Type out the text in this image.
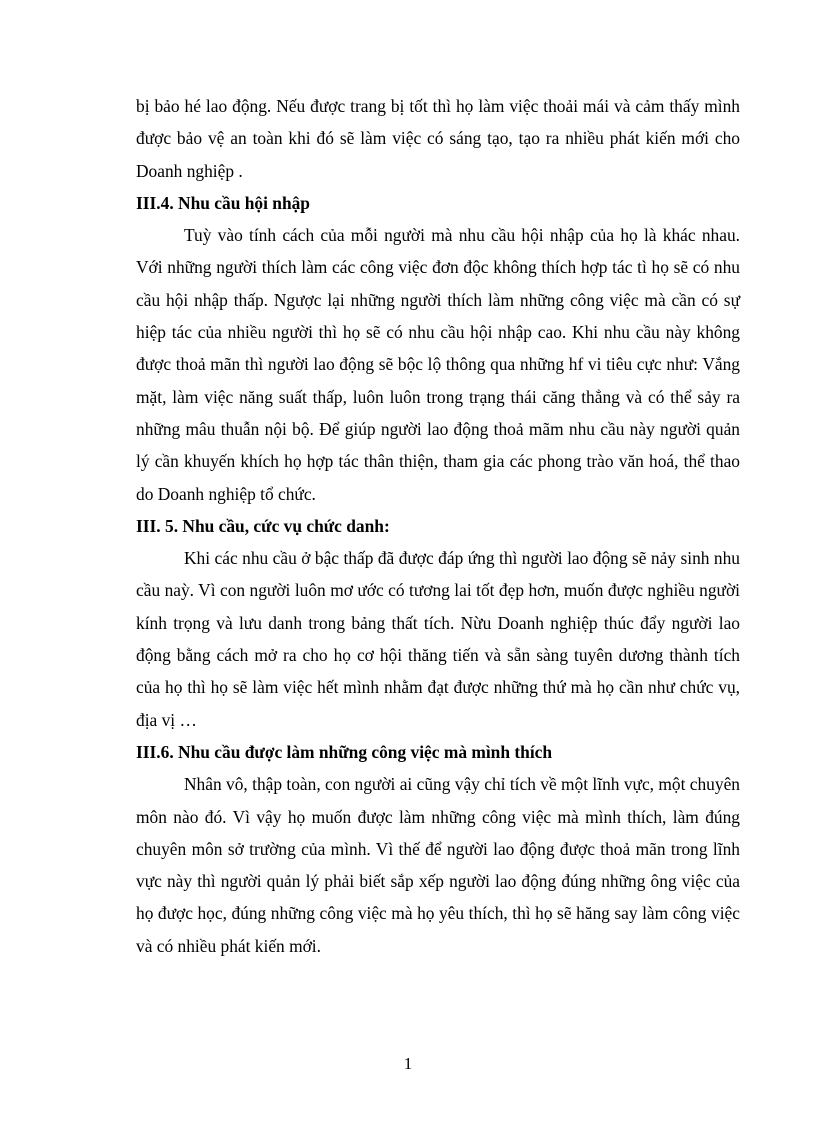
bị bảo hé lao động. Nếu được trang bị tốt thì họ làm việc thoải mái và cảm thấy mình được bảo vệ an toàn khi đó sẽ làm việc có sáng tạo, tạo ra nhiều phát kiến mới cho Doanh nghiệp .

III.4. Nhu cầu hội nhập

Tuỳ vào tính cách của mỗi người mà nhu cầu hội nhập của họ là khác nhau. Với những người thích làm các công việc đơn độc không thích hợp tác tì họ sẽ có nhu cầu hội nhập thấp. Ngược lại những người thích làm những công việc mà cần có sự hiệp tác của nhiều người thì họ sẽ có nhu cầu hội nhập cao. Khi nhu cầu này không được thoả mãn thì người lao động sẽ bộc lộ thông qua những hf vi tiêu cực như: Vắng mặt, làm việc năng suất thấp, luôn luôn trong trạng thái căng thẳng và có thể sảy ra những mâu thuẫn nội bộ. Để giúp người lao động thoả mãm nhu cầu này người quản lý cần khuyến khích họ hợp tác thân thiện, tham gia các phong trào văn hoá, thể thao do Doanh nghiệp tổ chức.

III. 5. Nhu cầu, cức vụ chức danh:

Khi các nhu cầu ở bậc thấp đã được đáp ứng thì người lao động sẽ nảy sinh nhu cầu naỳ. Vì con người luôn mơ ước có tương lai tốt đẹp hơn, muốn được nghiều người kính trọng và lưu danh trong bảng thất tích. Nừu Doanh nghiệp thúc đẩy người lao động bằng cách mở ra cho họ cơ hội thăng tiến và sẵn sàng tuyên dương thành tích của họ thì họ sẽ làm việc hết mình nhằm đạt được những thứ mà họ cần như chức vụ, địa vị …

III.6. Nhu cầu được làm những công việc mà mình thích

Nhân vô, thập toàn, con người ai cũng vậy chỉ tích về một lĩnh vực, một chuyên môn nào đó. Vì vậy họ muốn được làm những công việc mà mình thích, làm đúng chuyên môn sở trường của mình. Vì thế để người lao động được thoả mãn trong lĩnh vực này thì người quản lý phải biết sắp xếp người lao động đúng những ông việc của họ được học, đúng những công việc mà họ yêu thích, thì họ sẽ hăng say làm công việc và có nhiều phát kiến mới.

1
